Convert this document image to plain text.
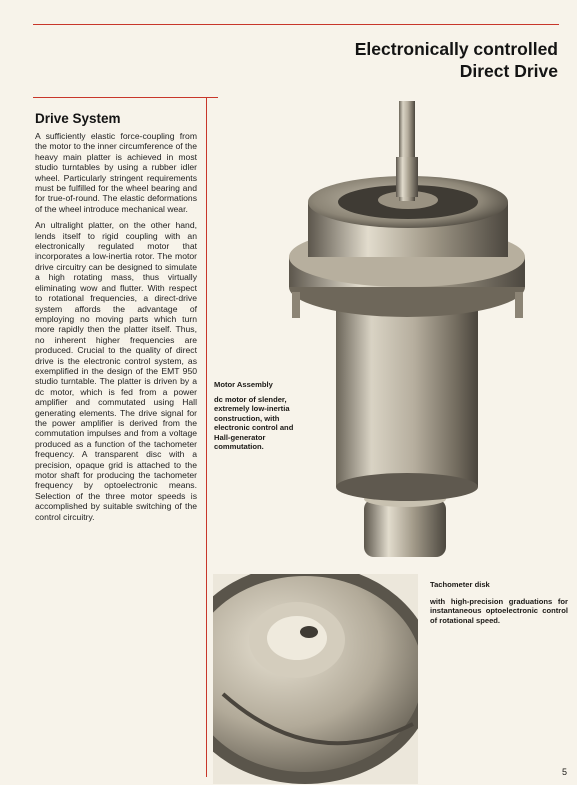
Electronically controlled
Direct Drive
Drive System

A sufficiently elastic force-coupling from the motor to the inner circumference of the heavy main platter is achieved in most studio turntables by using a rubber idler wheel. Particularly stringent requirements must be fulfilled for the wheel bearing and for true-of-round. The elastic deformations of the wheel introduce mechanical wear.

An ultralight platter, on the other hand, lends itself to rigid coupling with an electronically regulated motor that incorporates a low-inertia rotor. The motor drive circuitry can be designed to simulate a high rotating mass, thus virtually eliminating wow and flutter. With respect to rotational frequencies, a direct-drive system affords the advantage of employing no moving parts which turn more rapidly then the platter itself. Thus, no inherent higher frequencies are produced. Crucial to the quality of direct drive is the electronic control system, as exemplified in the design of the EMT 950 studio turntable. The platter is driven by a dc motor, which is fed from a power amplifier and commutated using Hall generating elements. The drive signal for the power amplifier is derived from the commutation impulses and from a voltage produced as a function of the tachometer frequency. A transparent disc with a precision, opaque grid is attached to the motor shaft for producing the tachometer frequency by optoelectronic means. Selection of the three motor speeds is accomplished by suitable switching of the control circuitry.

Motor Assembly
dc motor of slender, extremely low-inertia construction, with electronic control and Hall-generator commutation.
Tachometer disk
with high-precision graduations for instantaneous optoelectronic control of rotational speed.
5
